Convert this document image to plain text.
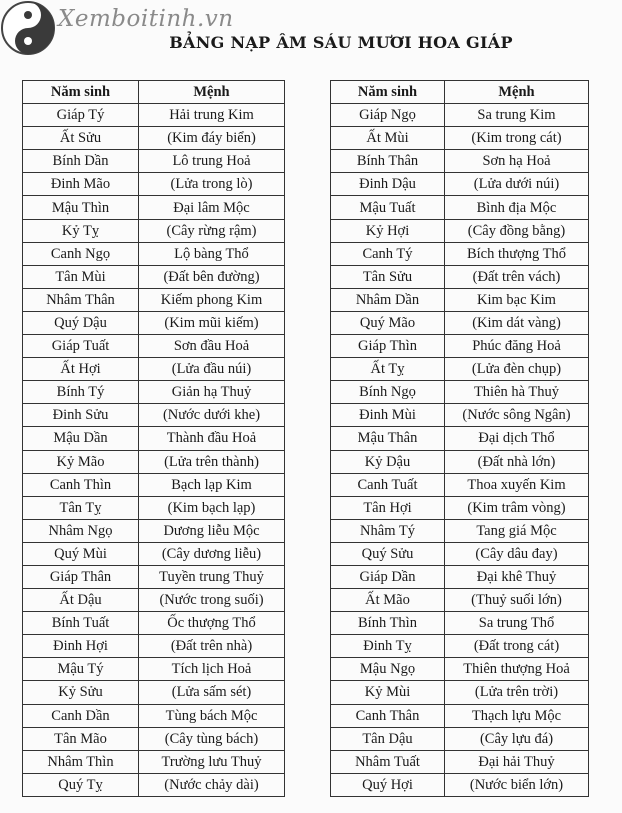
Xemboitinh.vn
BẢNG NẠP ÂM SÁU MƯƠI HOA GIÁP
Năm sinh	Mệnh
Giáp Tý	Hải trung Kim
Ất Sửu	(Kim đáy biển)
Bính Dần	Lô trung Hoả
Đinh Mão	(Lửa trong lò)
Mậu Thìn	Đại lâm Mộc
Kỷ Tỵ	(Cây rừng rậm)
Canh Ngọ	Lộ bàng Thổ
Tân Mùi	(Đất bên đường)
Nhâm Thân	Kiếm phong Kim
Quý Dậu	(Kim mũi kiếm)
Giáp Tuất	Sơn đầu Hoả
Ất Hợi	(Lửa đầu núi)
Bính Tý	Giản hạ Thuỷ
Đinh Sửu	(Nước dưới khe)
Mậu Dần	Thành đầu Hoả
Kỷ Mão	(Lửa trên thành)
Canh Thìn	Bạch lạp Kim
Tân Tỵ	(Kim bạch lạp)
Nhâm Ngọ	Dương liễu Mộc
Quý Mùi	(Cây dương liễu)
Giáp Thân	Tuyền trung Thuỷ
Ất Dậu	(Nước trong suối)
Bính Tuất	Ốc thượng Thổ
Đinh Hợi	(Đất trên nhà)
Mậu Tý	Tích lịch Hoả
Kỷ Sửu	(Lửa sấm sét)
Canh Dần	Tùng bách Mộc
Tân Mão	(Cây tùng bách)
Nhâm Thìn	Trường lưu Thuỷ
Quý Tỵ	(Nước chảy dài)
Năm sinh	Mệnh
Giáp Ngọ	Sa trung Kim
Ất Mùi	(Kim trong cát)
Bính Thân	Sơn hạ Hoả
Đinh Dậu	(Lửa dưới núi)
Mậu Tuất	Bình địa Mộc
Kỷ Hợi	(Cây đồng bằng)
Canh Tý	Bích thượng Thổ
Tân Sửu	(Đất trên vách)
Nhâm Dần	Kim bạc Kim
Quý Mão	(Kim dát vàng)
Giáp Thìn	Phúc đăng Hoả
Ất Tỵ	(Lửa đèn chụp)
Bính Ngọ	Thiên hà Thuỷ
Đinh Mùi	(Nước sông Ngân)
Mậu Thân	Đại dịch Thổ
Kỷ Dậu	(Đất nhà lớn)
Canh Tuất	Thoa xuyến Kim
Tân Hợi	(Kim trâm vòng)
Nhâm Tý	Tang giá Mộc
Quý Sửu	(Cây dâu đay)
Giáp Dần	Đại khê Thuỷ
Ất Mão	(Thuỷ suối lớn)
Bính Thìn	Sa trung Thổ
Đinh Tỵ	(Đất trong cát)
Mậu Ngọ	Thiên thượng Hoả
Kỷ Mùi	(Lửa trên trời)
Canh Thân	Thạch lựu Mộc
Tân Dậu	(Cây lựu đá)
Nhâm Tuất	Đại hải Thuỷ
Quý Hợi	(Nước biển lớn)
